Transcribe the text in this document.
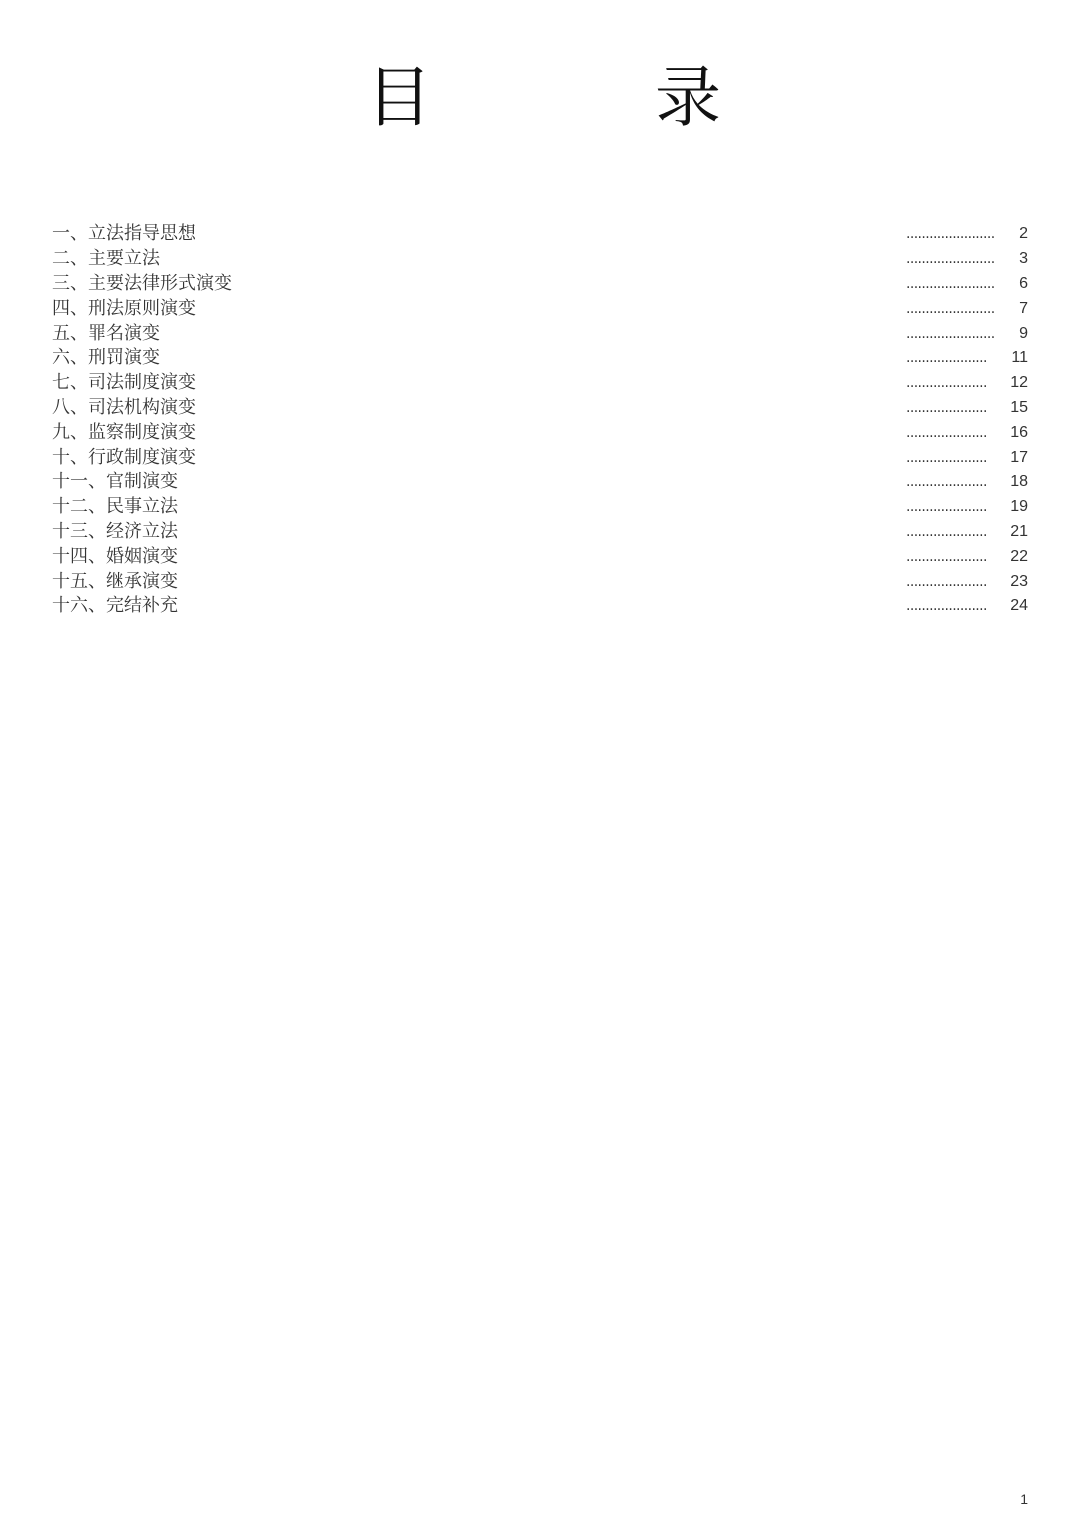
目	录
一、立法指导思想	....................... 2
二、主要立法	....................... 3
三、主要法律形式演变	....................... 6
四、刑法原则演变	....................... 7
五、罪名演变	....................... 9
六、刑罚演变	..................... 11
七、司法制度演变	..................... 12
八、司法机构演变	..................... 15
九、监察制度演变	..................... 16
十、行政制度演变	..................... 17
十一、官制演变	..................... 18
十二、民事立法	..................... 19
十三、经济立法	..................... 21
十四、婚姻演变	..................... 22
十五、继承演变	..................... 23
十六、完结补充	..................... 24
1
